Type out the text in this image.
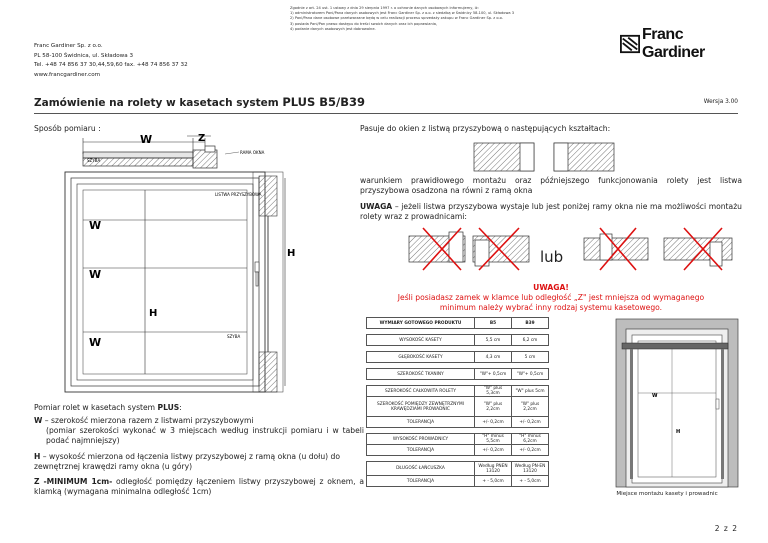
Franc Gardiner Sp. z o.o.
PL 58-100 Świdnica, ul. Składowa 3
Tel. +48 74 856 37 30,44,59,60 fax. +48 74 856 37 32
www.francgardiner.com
Zgodnie z art. 24 ust. 1 ustawy z dnia 29 sierpnia 1997 r. o ochronie danych osobowych informujemy, iż:
1) administratorem Pani/Pana danych osobowych jest Franc Gardiner Sp. z o.o. z siedzibą w Świdnicy 58-100, ul. Składowa 3
2) Pani/Pana dane osobowe przetwarzane będą w celu realizacji procesu sprzedaży zakupu w Franc Gardiner Sp. z o.o.
3) posiada Pani/Pan prawo dostępu do treści swoich danych oraz ich poprawiania,
4) podanie danych osobowych jest dobrowolne.	Franc Gardiner
Zamówienie na rolety w kasetach system PLUS B5/B39	Wersja 3.00
Sposób pomiaru :
W	Z
RAMA OKNA
SZYBA
W
W
W
H
H
LISTWA PRZYSZYBOWA
SZYBA
Pomiar rolet w kasetach system PLUS:
W – szerokość mierzona razem z listwami przyszybowymi
(pomiar szerokości wykonać w 3 miejscach według instrukcji pomiaru i w tabeli podać najmniejszy)
H – wysokość mierzona od łączenia listwy przyszybowej z ramą okna (u dołu) do zewnętrznej krawędzi ramy okna (u góry)
Z -MINIMUM 1cm- odległość pomiędzy łączeniem listwy przyszybowej z oknem, a klamką (wymagana minimalna odległość 1cm)
Pasuje do okien z listwą przyszybową o następujących kształtach:
warunkiem prawidłowego montażu oraz późniejszego funkcjonowania rolety jest listwa przyszybowa osadzona na równi z ramą okna
UWAGA – jeżeli listwa przyszybowa wystaje lub jest poniżej ramy okna nie ma możliwości montażu rolety wraz z prowadnicami:
lub
UWAGA!
Jeśli posiadasz zamek w klamce lub odległość „Z" jest mniejsza od wymaganego
minimum należy wybrać inny rodzaj systemu kasetowego.
WYMIARY GOTOWEGO PRODUKTU	B5	B39

WYSOKOŚĆ KASETY	5,5 cm	6,2 cm

GŁĘBOKOŚĆ KASETY	4,3 cm	5 cm

SZEROKOŚĆ TKANINY	"W"+ 0,5cm	"W"+ 0,5cm

SZEROKOŚĆ CAŁKOWITA ROLETY	"W" plus 5,3cm	"W" plus 5cm
SZEROKOŚĆ POMIĘDZY ZEWNĘTRZNYMI KRAWĘDZIAMI PROWADNIC	"W" plus 2,2cm	"W" plus 2,2cm
TOLERANCJA	+/- 0,2cm	+/- 0,2cm

WYSOKOŚĆ PROWADNICY	"H" minus 5,5cm	"H" minus 6,2cm
TOLERANCJA	+/- 0,2cm	+/- 0,2cm

DŁUGOŚĆ ŁAŃCUSZKA	Według PNEN 13120	Według PN-EN 13120
TOLERANCJA	+ - 5,0cm	+ - 5,0cm
W
H
Miejsce montażu kasety i prowadnic
2 z 2
